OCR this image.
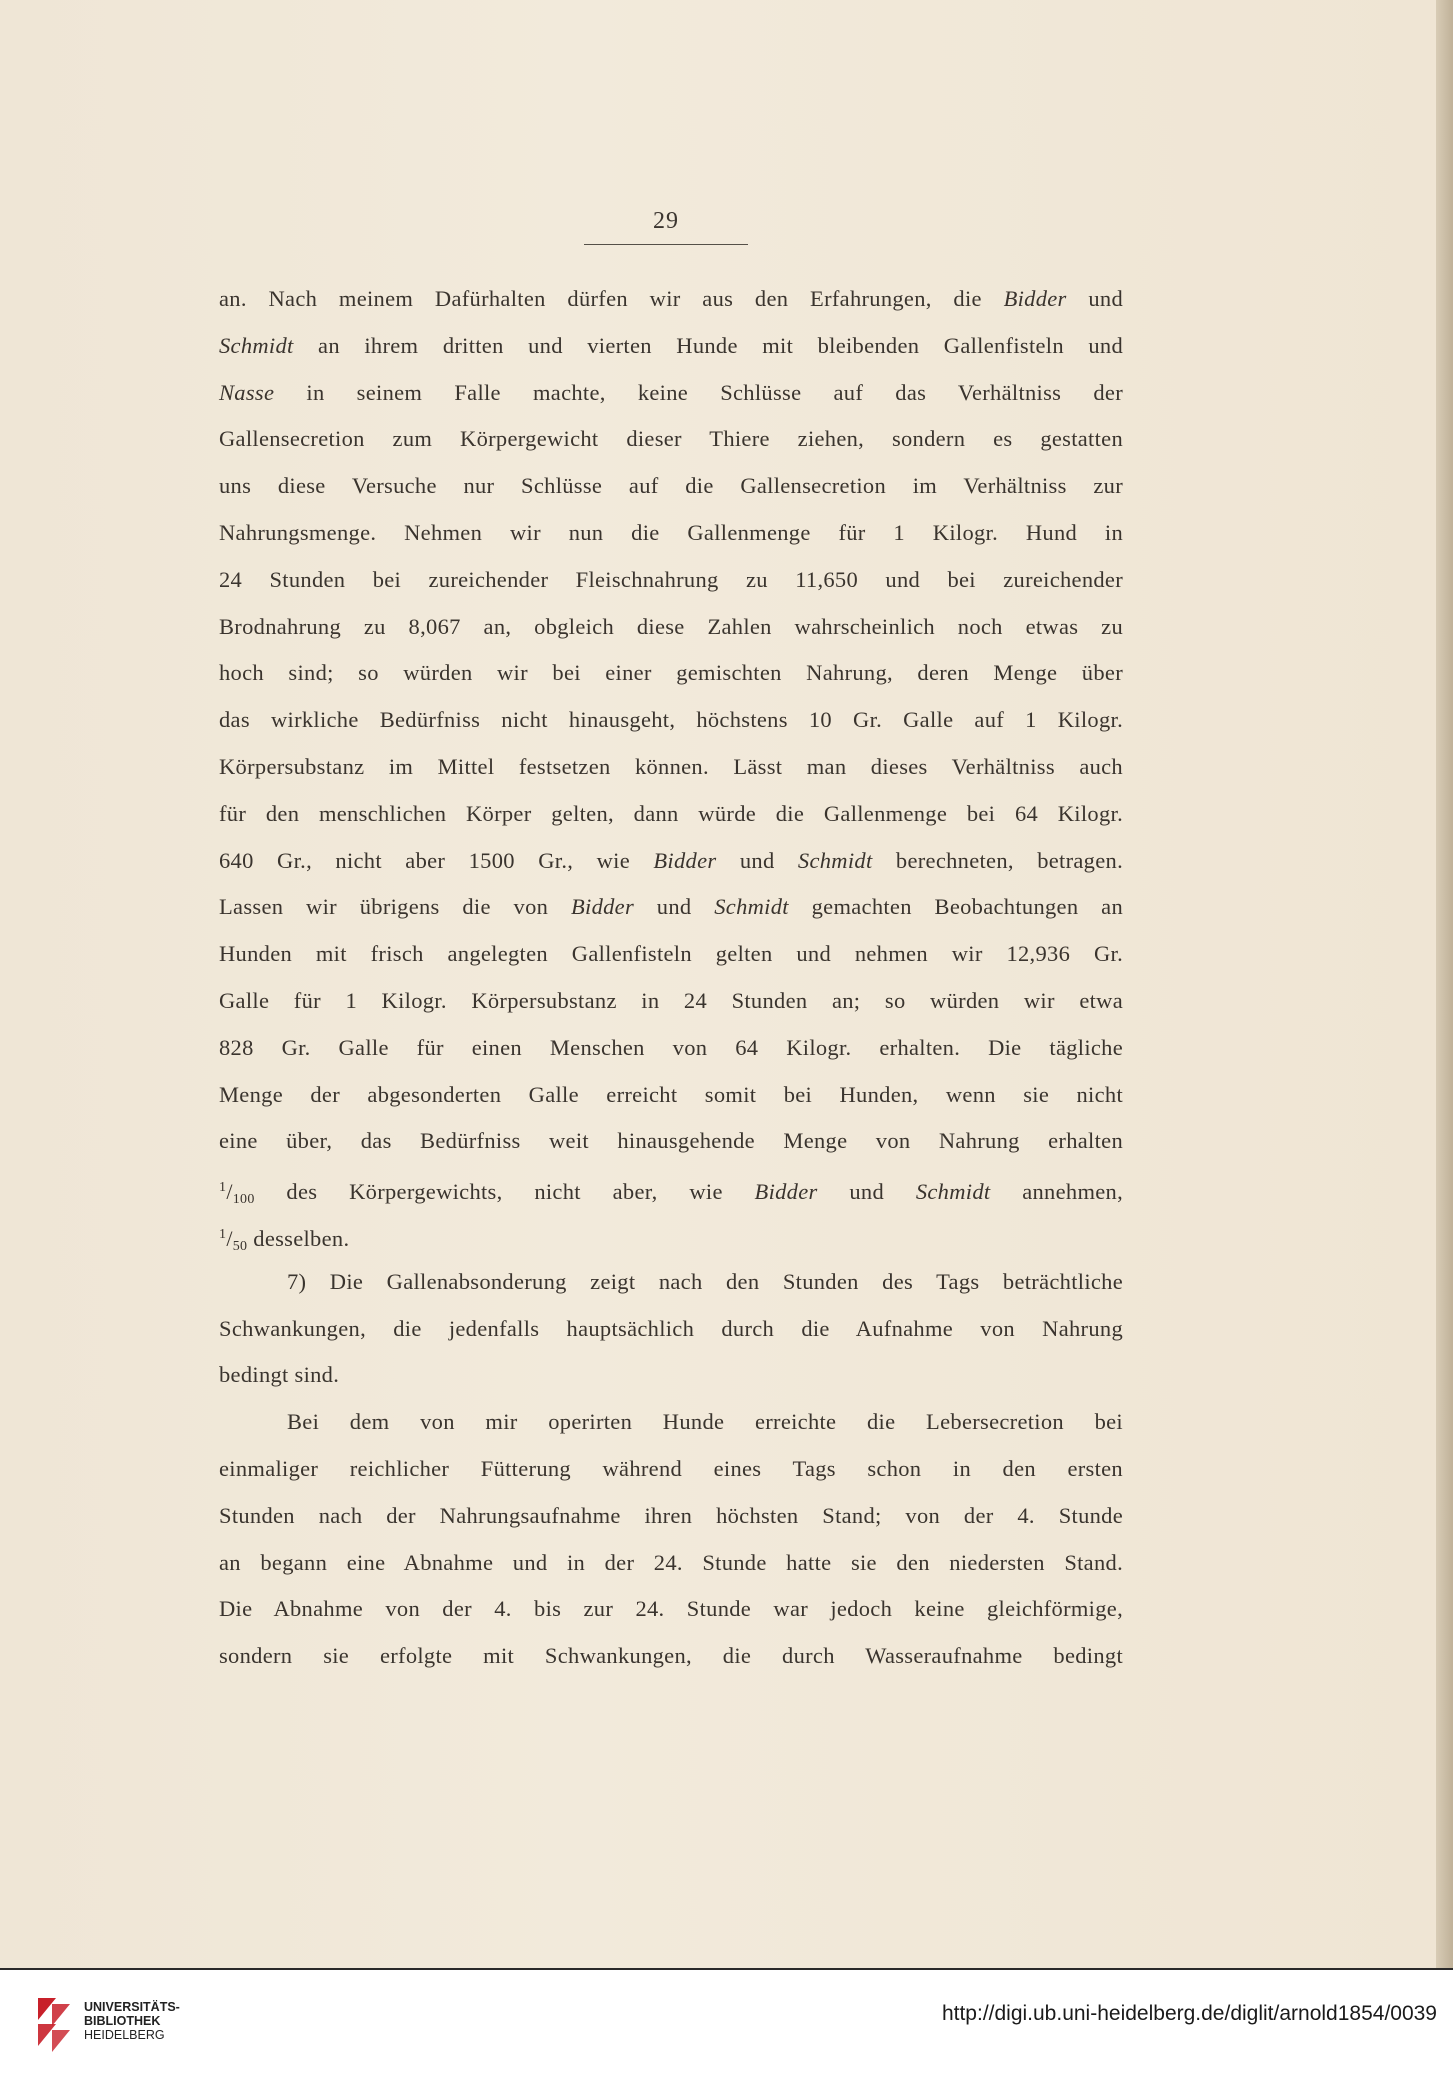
29
an. Nach meinem Dafürhalten dürfen wir aus den Erfahrungen, die Bidder und
Schmidt an ihrem dritten und vierten Hunde mit bleibenden Gallenfisteln und
Nasse in seinem Falle machte, keine Schlüsse auf das Verhältniss der
Gallensecretion zum Körpergewicht dieser Thiere ziehen, sondern es gestatten
uns diese Versuche nur Schlüsse auf die Gallensecretion im Verhältniss zur
Nahrungsmenge. Nehmen wir nun die Gallenmenge für 1 Kilogr. Hund in
24 Stunden bei zureichender Fleischnahrung zu 11,650 und bei zureichender
Brodnahrung zu 8,067 an, obgleich diese Zahlen wahrscheinlich noch etwas zu
hoch sind; so würden wir bei einer gemischten Nahrung, deren Menge über
das wirkliche Bedürfniss nicht hinausgeht, höchstens 10 Gr. Galle auf 1 Kilogr.
Körpersubstanz im Mittel festsetzen können. Lässt man dieses Verhältniss auch
für den menschlichen Körper gelten, dann würde die Gallenmenge bei 64 Kilogr.
640 Gr., nicht aber 1500 Gr., wie Bidder und Schmidt berechneten, betragen.
Lassen wir übrigens die von Bidder und Schmidt gemachten Beobachtungen an
Hunden mit frisch angelegten Gallenfisteln gelten und nehmen wir 12,936 Gr.
Galle für 1 Kilogr. Körpersubstanz in 24 Stunden an; so würden wir etwa
828 Gr. Galle für einen Menschen von 64 Kilogr. erhalten. Die tägliche
Menge der abgesonderten Galle erreicht somit bei Hunden, wenn sie nicht
eine über, das Bedürfniss weit hinausgehende Menge von Nahrung erhalten
$^1/_{100}$ des Körpergewichts, nicht aber, wie Bidder und Schmidt annehmen,
$^1/_{50}$ desselben.
7) Die Gallenabsonderung zeigt nach den Stunden des Tags beträchtliche
Schwankungen, die jedenfalls hauptsächlich durch die Aufnahme von Nahrung
bedingt sind.
Bei dem von mir operirten Hunde erreichte die Lebersecretion bei
einmaliger reichlicher Fütterung während eines Tags schon in den ersten
Stunden nach der Nahrungsaufnahme ihren höchsten Stand; von der 4. Stunde
an begann eine Abnahme und in der 24. Stunde hatte sie den niedersten Stand.
Die Abnahme von der 4. bis zur 24. Stunde war jedoch keine gleichförmige,
sondern sie erfolgte mit Schwankungen, die durch Wasseraufnahme bedingt
UNIVERSITÄTS-
BIBLIOTHEK
HEIDELBERG
http://digi.ub.uni-heidelberg.de/diglit/arnold1854/0039
